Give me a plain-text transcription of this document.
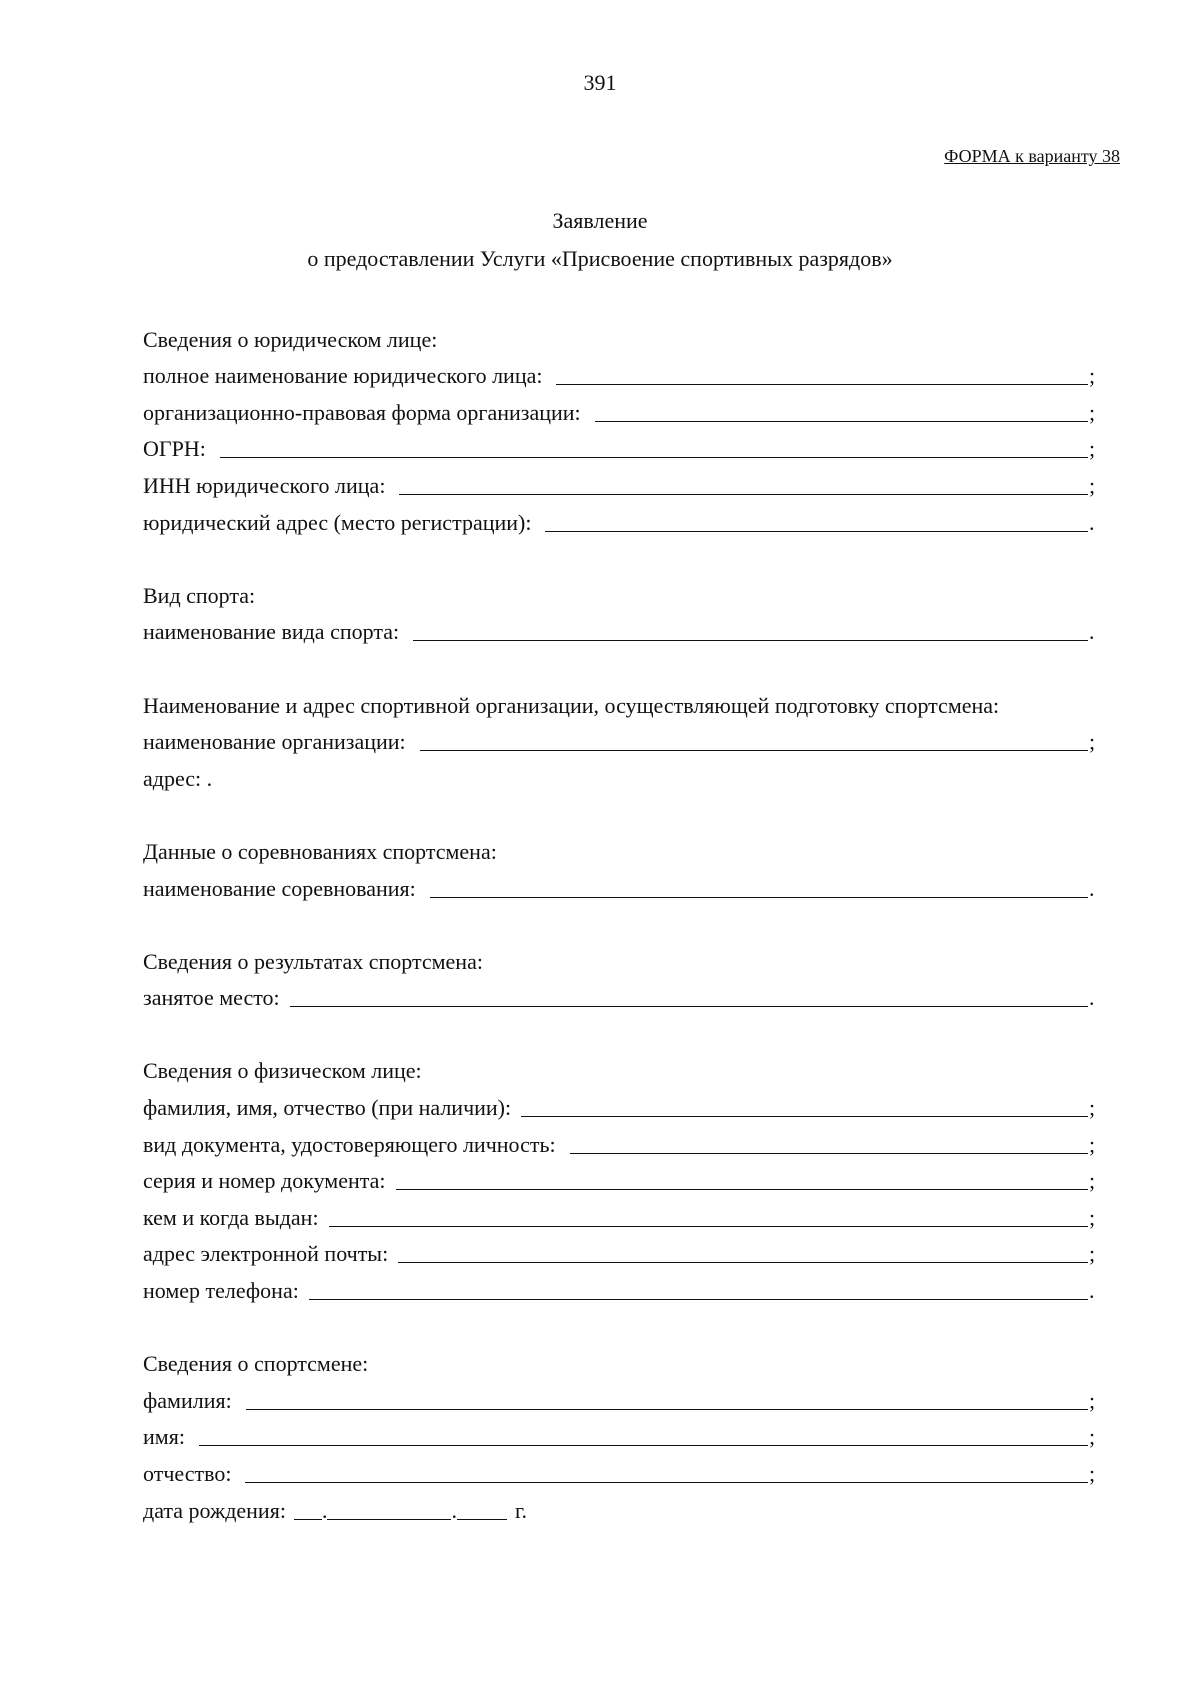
391
ФОРМА к варианту 38
Заявление
о предоставлении Услуги «Присвоение спортивных разрядов»
Сведения о юридическом лице:
полное наименование юридического лица:	;
организационно-правовая форма организации:	;
ОГРН:	;
ИНН юридического лица:	;
юридический адрес (место регистрации):	.
Вид спорта:
наименование вида спорта:	.
Наименование и адрес спортивной организации, осуществляющей подготовку спортсмена:
наименование организации:	;
адрес: .
Данные о соревнованиях спортсмена:
наименование соревнования:	.
Сведения о результатах спортсмена:
занятое место:	.
Сведения о физическом лице:
фамилия, имя, отчество (при наличии):	;
вид документа, удостоверяющего личность:	;
серия и номер документа:	;
кем и когда выдан:	;
адрес электронной почты:	;
номер телефона:	.
Сведения о спортсмене:
фамилия:	;
имя:	;
отчество:	;
дата рождения: .	.	г.
